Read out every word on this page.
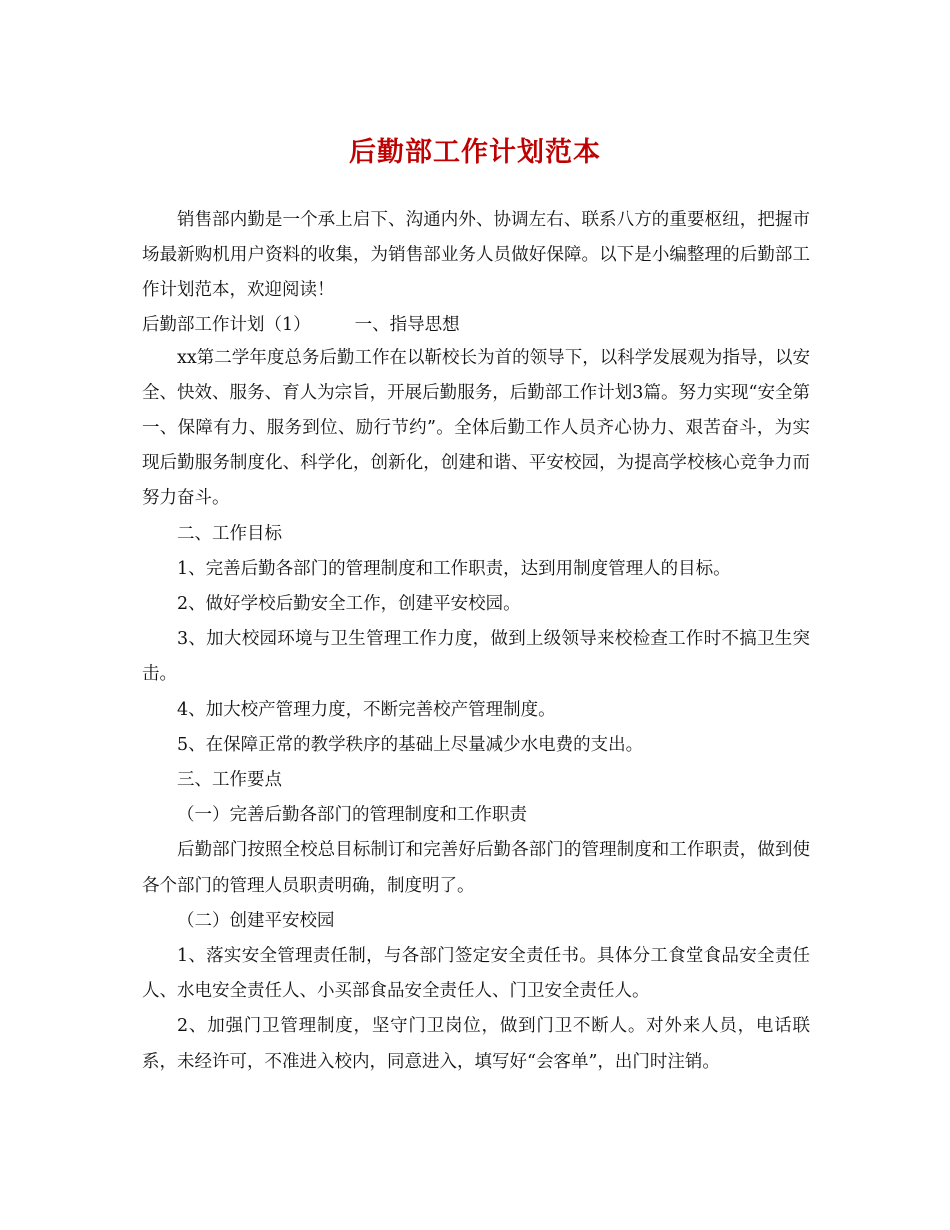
后勤部工作计划范本

销售部内勤是一个承上启下、沟通内外、协调左右、联系八方的重要枢纽，把握市场最新购机用户资料的收集，为销售部业务人员做好保障。以下是小编整理的后勤部工作计划范本，欢迎阅读！

后勤部工作计划（1）	一、指导思想

xx第二学年度总务后勤工作在以靳校长为首的领导下，以科学发展观为指导，以安全、快效、服务、育人为宗旨，开展后勤服务，后勤部工作计划3篇。努力实现“安全第一、保障有力、服务到位、励行节约”。全体后勤工作人员齐心协力、艰苦奋斗，为实现后勤服务制度化、科学化，创新化，创建和谐、平安校园，为提高学校核心竞争力而努力奋斗。

二、工作目标

1、完善后勤各部门的管理制度和工作职责，达到用制度管理人的目标。

2、做好学校后勤安全工作，创建平安校园。

3、加大校园环境与卫生管理工作力度，做到上级领导来校检查工作时不搞卫生突击。

4、加大校产管理力度，不断完善校产管理制度。

5、在保障正常的教学秩序的基础上尽量减少水电费的支出。

三、工作要点

（一）完善后勤各部门的管理制度和工作职责

后勤部门按照全校总目标制订和完善好后勤各部门的管理制度和工作职责，做到使各个部门的管理人员职责明确，制度明了。

（二）创建平安校园

1、落实安全管理责任制，与各部门签定安全责任书。具体分工食堂食品安全责任人、水电安全责任人、小买部食品安全责任人、门卫安全责任人。

2、加强门卫管理制度，坚守门卫岗位，做到门卫不断人。对外来人员，电话联系，未经许可，不准进入校内，同意进入，填写好“会客单”，出门时注销。
